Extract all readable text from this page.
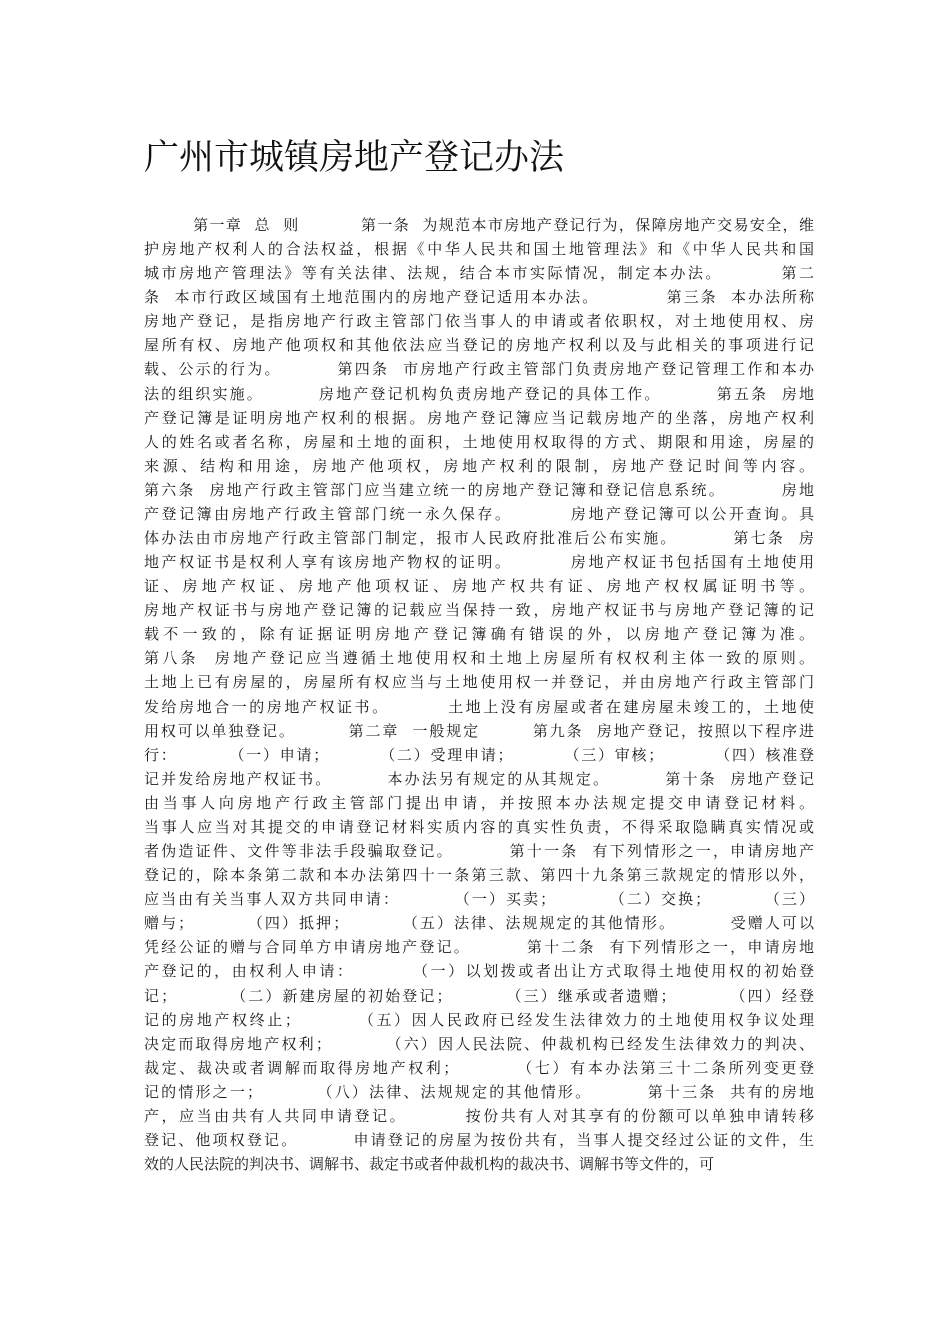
广州市城镇房地产登记办法
第一章  总  则          第一条  为规范本市房地产登记行为，保障房地产交易安全，维
护房地产权利人的合法权益，根据《中华人民共和国土地管理法》和《中华人民共和国
城市房地产管理法》等有关法律、法规，结合本市实际情况，制定本办法。        第二
条  本市行政区域国有土地范围内的房地产登记适用本办法。          第三条  本办法所称
房地产登记，是指房地产行政主管部门依当事人的申请或者依职权，对土地使用权、房
屋所有权、房地产他项权和其他依法应当登记的房地产权利以及与此相关的事项进行记
载、公示的行为。        第四条  市房地产行政主管部门负责房地产登记管理工作和本办
法的组织实施。        房地产登记机构负责房地产登记的具体工作。        第五条  房地
产登记簿是证明房地产权利的根据。房地产登记簿应当记载房地产的坐落，房地产权利
人的姓名或者名称，房屋和土地的面积，土地使用权取得的方式、期限和用途，房屋的
来源、结构和用途，房地产他项权，房地产权利的限制，房地产登记时间等内容。
第六条  房地产行政主管部门应当建立统一的房地产登记簿和登记信息系统。        房地
产登记簿由房地产行政主管部门统一永久保存。        房地产登记簿可以公开查询。具
体办法由市房地产行政主管部门制定，报市人民政府批准后公布实施。        第七条  房
地产权证书是权利人享有该房地产物权的证明。        房地产权证书包括国有土地使用
证、房地产权证、房地产他项权证、房地产权共有证、房地产权权属证明书等。
房地产权证书与房地产登记簿的记载应当保持一致，房地产权证书与房地产登记簿的记
载不一致的，除有证据证明房地产登记簿确有错误的外，以房地产登记簿为准。
第八条  房地产登记应当遵循土地使用权和土地上房屋所有权权利主体一致的原则。
土地上已有房屋的，房屋所有权应当与土地使用权一并登记，并由房地产行政主管部门
发给房地合一的房地产权证书。        土地上没有房屋或者在建房屋未竣工的，土地使
用权可以单独登记。        第二章  一般规定        第九条  房地产登记，按照以下程序进
行：        （一）申请；        （二）受理申请；        （三）审核；        （四）核准登
记并发给房地产权证书。        本办法另有规定的从其规定。        第十条  房地产登记
由当事人向房地产行政主管部门提出申请，并按照本办法规定提交申请登记材料。
当事人应当对其提交的申请登记材料实质内容的真实性负责，不得采取隐瞒真实情况或
者伪造证件、文件等非法手段骗取登记。        第十一条  有下列情形之一，申请房地产
登记的，除本条第二款和本办法第四十一条第三款、第四十九条第三款规定的情形以外，
应当由有关当事人双方共同申请：        （一）买卖；        （二）交换；        （三）
赠与；        （四）抵押；        （五）法律、法规规定的其他情形。        受赠人可以
凭经公证的赠与合同单方申请房地产登记。        第十二条  有下列情形之一，申请房地
产登记的，由权利人申请：        （一）以划拨或者出让方式取得土地使用权的初始登
记；        （二）新建房屋的初始登记；        （三）继承或者遗赠；        （四）经登
记的房地产权终止；        （五）因人民政府已经发生法律效力的土地使用权争议处理
决定而取得房地产权利；        （六）因人民法院、仲裁机构已经发生法律效力的判决、
裁定、裁决或者调解而取得房地产权利；        （七）有本办法第三十二条所列变更登
记的情形之一；        （八）法律、法规规定的其他情形。        第十三条  共有的房地
产，应当由共有人共同申请登记。        按份共有人对其享有的份额可以单独申请转移
登记、他项权登记。        申请登记的房屋为按份共有，当事人提交经过公证的文件，生
效的人民法院的判决书、调解书、裁定书或者仲裁机构的裁决书、调解书等文件的，可
